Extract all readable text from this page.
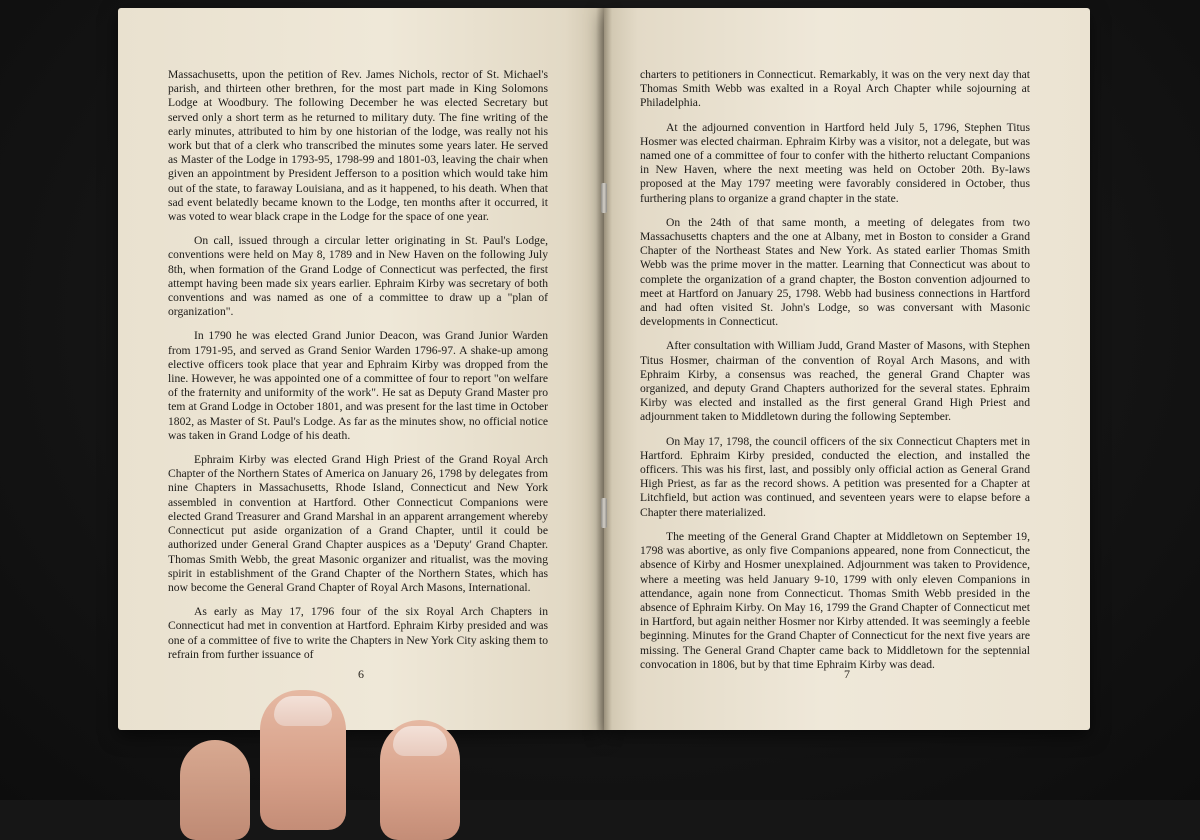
Massachusetts, upon the petition of Rev. James Nichols, rector of St. Michael's parish, and thirteen other brethren, for the most part made in King Solomons Lodge at Woodbury. The following December he was elected Secretary but served only a short term as he returned to military duty. The fine writing of the early minutes, attributed to him by one historian of the lodge, was really not his work but that of a clerk who transcribed the minutes some years later. He served as Master of the Lodge in 1793-95, 1798-99 and 1801-03, leaving the chair when given an appointment by President Jefferson to a position which would take him out of the state, to faraway Louisiana, and as it happened, to his death. When that sad event belatedly became known to the Lodge, ten months after it occurred, it was voted to wear black crape in the Lodge for the space of one year.

On call, issued through a circular letter originating in St. Paul's Lodge, conventions were held on May 8, 1789 and in New Haven on the following July 8th, when formation of the Grand Lodge of Connecticut was perfected, the first attempt having been made six years earlier. Ephraim Kirby was secretary of both conventions and was named as one of a committee to draw up a "plan of organization".

In 1790 he was elected Grand Junior Deacon, was Grand Junior Warden from 1791-95, and served as Grand Senior Warden 1796-97. A shake-up among elective officers took place that year and Ephraim Kirby was dropped from the line. However, he was appointed one of a committee of four to report "on welfare of the fraternity and uniformity of the work". He sat as Deputy Grand Master pro tem at Grand Lodge in October 1801, and was present for the last time in October 1802, as Master of St. Paul's Lodge. As far as the minutes show, no official notice was taken in Grand Lodge of his death.

Ephraim Kirby was elected Grand High Priest of the Grand Royal Arch Chapter of the Northern States of America on January 26, 1798 by delegates from nine Chapters in Massachusetts, Rhode Island, Connecticut and New York assembled in convention at Hartford. Other Connecticut Companions were elected Grand Treasurer and Grand Marshal in an apparent arrangement whereby Connecticut put aside organization of a Grand Chapter, until it could be authorized under General Grand Chapter auspices as a 'Deputy' Grand Chapter. Thomas Smith Webb, the great Masonic organizer and ritualist, was the moving spirit in establishment of the Grand Chapter of the Northern States, which has now become the General Grand Chapter of Royal Arch Masons, International.

As early as May 17, 1796 four of the six Royal Arch Chapters in Connecticut had met in convention at Hartford. Ephraim Kirby presided and was one of a committee of five to write the Chapters in New York City asking them to refrain from further issuance of

6

charters to petitioners in Connecticut. Remarkably, it was on the very next day that Thomas Smith Webb was exalted in a Royal Arch Chapter while sojourning at Philadelphia.

At the adjourned convention in Hartford held July 5, 1796, Stephen Titus Hosmer was elected chairman. Ephraim Kirby was a visitor, not a delegate, but was named one of a committee of four to confer with the hitherto reluctant Companions in New Haven, where the next meeting was held on October 20th. By-laws proposed at the May 1797 meeting were favorably considered in October, thus furthering plans to organize a grand chapter in the state.

On the 24th of that same month, a meeting of delegates from two Massachusetts chapters and the one at Albany, met in Boston to consider a Grand Chapter of the Northeast States and New York. As stated earlier Thomas Smith Webb was the prime mover in the matter. Learning that Connecticut was about to complete the organization of a grand chapter, the Boston convention adjourned to meet at Hartford on January 25, 1798. Webb had business connections in Hartford and had often visited St. John's Lodge, so was conversant with Masonic developments in Connecticut.

After consultation with William Judd, Grand Master of Masons, with Stephen Titus Hosmer, chairman of the convention of Royal Arch Masons, and with Ephraim Kirby, a consensus was reached, the general Grand Chapter was organized, and deputy Grand Chapters authorized for the several states. Ephraim Kirby was elected and installed as the first general Grand High Priest and adjournment taken to Middletown during the following September.

On May 17, 1798, the council officers of the six Connecticut Chapters met in Hartford. Ephraim Kirby presided, conducted the election, and installed the officers. This was his first, last, and possibly only official action as General Grand High Priest, as far as the record shows. A petition was presented for a Chapter at Litchfield, but action was continued, and seventeen years were to elapse before a Chapter there materialized.

The meeting of the General Grand Chapter at Middletown on September 19, 1798 was abortive, as only five Companions appeared, none from Connecticut, the absence of Kirby and Hosmer unexplained. Adjournment was taken to Providence, where a meeting was held January 9-10, 1799 with only eleven Companions in attendance, again none from Connecticut. Thomas Smith Webb presided in the absence of Ephraim Kirby. On May 16, 1799 the Grand Chapter of Connecticut met in Hartford, but again neither Hosmer nor Kirby attended. It was seemingly a feeble beginning. Minutes for the Grand Chapter of Connecticut for the next five years are missing. The General Grand Chapter came back to Middletown for the septennial convocation in 1806, but by that time Ephraim Kirby was dead.

7
